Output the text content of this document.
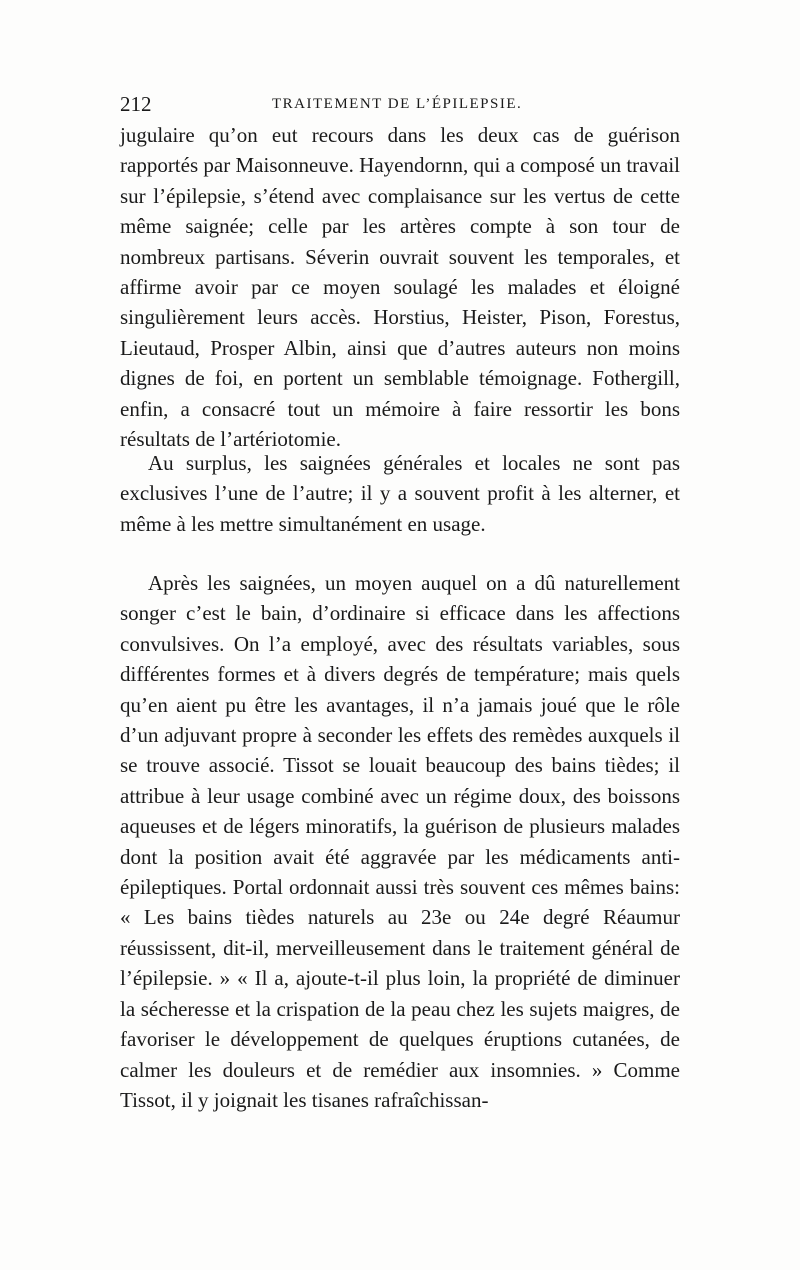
212	TRAITEMENT DE L’ÉPILEPSIE.

jugulaire qu’on eut recours dans les deux cas de guérison rapportés par Maisonneuve. Hayendornn, qui a composé un travail sur l’épilepsie, s’étend avec complaisance sur les vertus de cette même saignée; celle par les artères compte à son tour de nombreux partisans. Séverin ouvrait souvent les temporales, et affirme avoir par ce moyen soulagé les malades et éloigné singulièrement leurs accès. Horstius, Heister, Pison, Forestus, Lieutaud, Prosper Albin, ainsi que d’autres auteurs non moins dignes de foi, en portent un semblable témoignage. Fothergill, enfin, a consacré tout un mémoire à faire ressortir les bons résultats de l’artériotomie.

Au surplus, les saignées générales et locales ne sont pas exclusives l’une de l’autre; il y a souvent profit à les alterner, et même à les mettre simultanément en usage.

Après les saignées, un moyen auquel on a dû naturellement songer c’est le bain, d’ordinaire si efficace dans les affections convulsives. On l’a employé, avec des résultats variables, sous différentes formes et à divers degrés de température; mais quels qu’en aient pu être les avantages, il n’a jamais joué que le rôle d’un adjuvant propre à seconder les effets des remèdes auxquels il se trouve associé. Tissot se louait beaucoup des bains tièdes; il attribue à leur usage combiné avec un régime doux, des boissons aqueuses et de légers minoratifs, la guérison de plusieurs malades dont la position avait été aggravée par les médicaments anti-épileptiques. Portal ordonnait aussi très souvent ces mêmes bains: « Les bains tièdes naturels au 23e ou 24e degré Réaumur réussissent, dit-il, merveilleusement dans le traitement général de l’épilepsie. » « Il a, ajoute-t-il plus loin, la propriété de diminuer la sécheresse et la crispation de la peau chez les sujets maigres, de favoriser le développement de quelques éruptions cutanées, de calmer les douleurs et de remédier aux insomnies. » Comme Tissot, il y joignait les tisanes rafraîchissan-
